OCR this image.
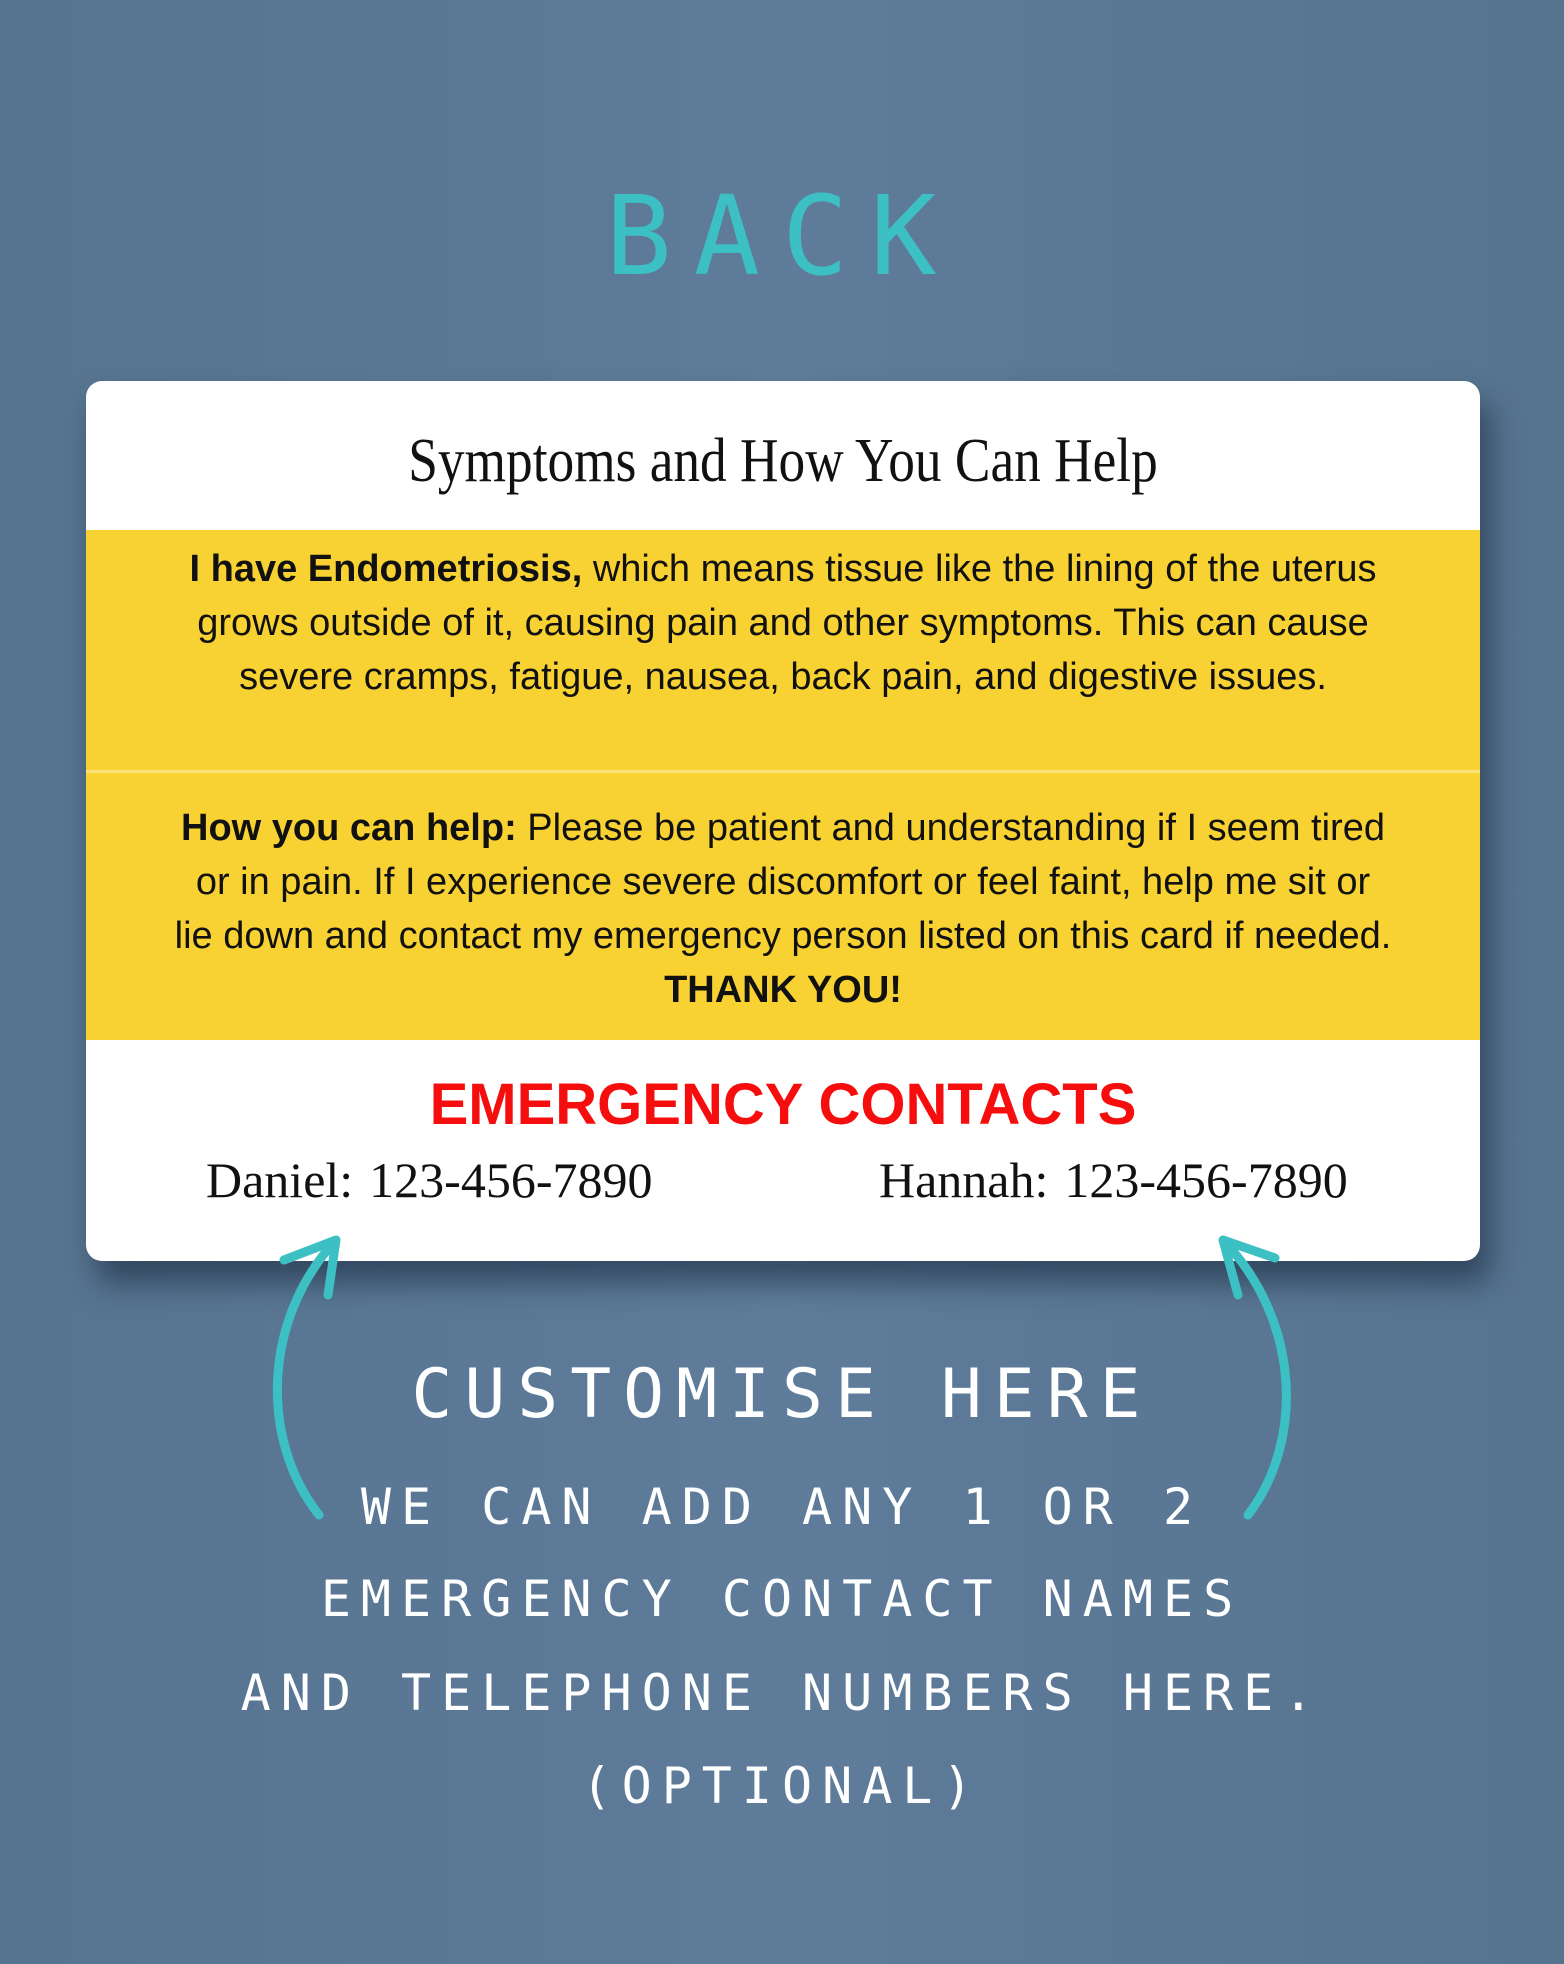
BACK
Symptoms and How You Can Help

I have Endometriosis, which means tissue like the lining of the uterus grows outside of it, causing pain and other symptoms. This can cause severe cramps, fatigue, nausea, back pain, and digestive issues.

How you can help: Please be patient and understanding if I seem tired or in pain. If I experience severe discomfort or feel faint, help me sit or lie down and contact my emergency person listed on this card if needed. THANK YOU!

EMERGENCY CONTACTS
Daniel: 123-456-7890	Hannah: 123-456-7890
CUSTOMISE HERE
WE CAN ADD ANY 1 OR 2
EMERGENCY CONTACT NAMES
AND TELEPHONE NUMBERS HERE.
(OPTIONAL)
